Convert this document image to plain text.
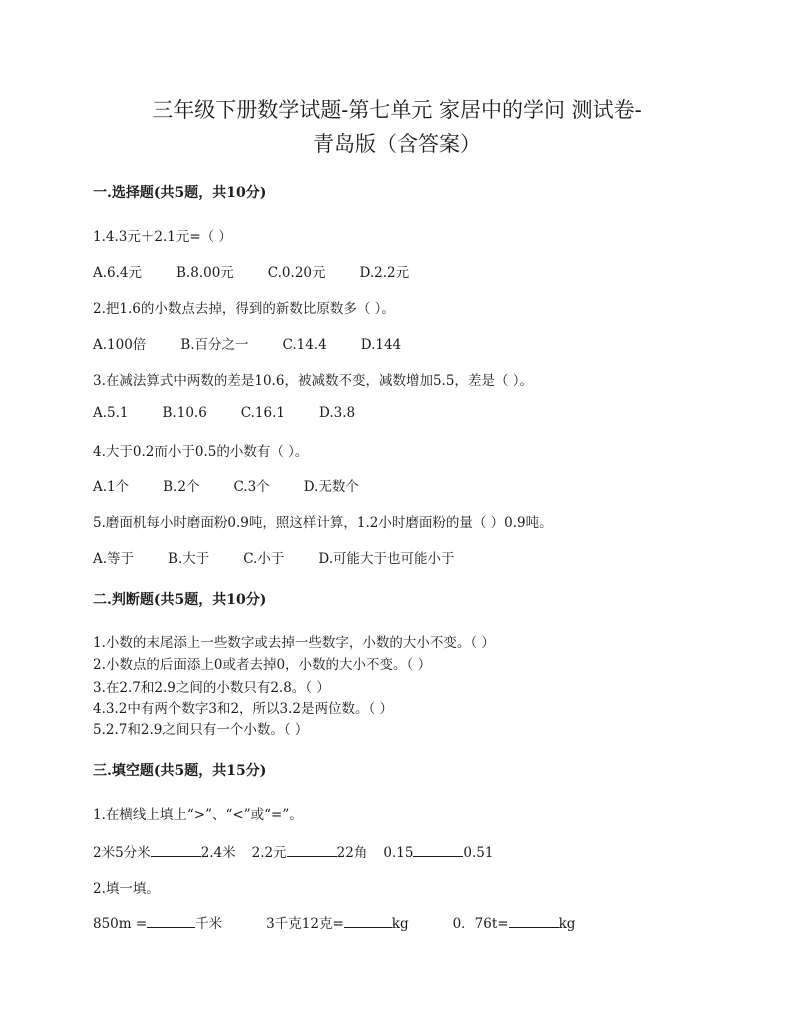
三年级下册数学试题-第七单元 家居中的学问 测试卷-
青岛版（含答案）
一.选择题(共5题，共10分)
1.4.3元＋2.1元=（ ）
A.6.4元	B.8.00元	C.0.20元	D.2.2元
2.把1.6的小数点去掉，得到的新数比原数多（ ）。
A.100倍	B.百分之一	C.14.4	D.144
3.在减法算式中两数的差是10.6，被减数不变，减数增加5.5，差是（ ）。
A.5.1	B.10.6	C.16.1	D.3.8
4.大于0.2而小于0.5的小数有（ ）。
A.1个	B.2个	C.3个	D.无数个
5.磨面机每小时磨面粉0.9吨，照这样计算，1.2小时磨面粉的量（ ）0.9吨。
A.等于	B.大于	C.小于	D.可能大于也可能小于
二.判断题(共5题，共10分)
1.小数的末尾添上一些数字或去掉一些数字，小数的大小不变。（ ）
2.小数点的后面添上0或者去掉0，小数的大小不变。（ ）
3.在2.7和2.9之间的小数只有2.8。（ ）
4.3.2中有两个数字3和2，所以3.2是两位数。（ ）
5.2.7和2.9之间只有一个小数。（ ）
三.填空题(共5题，共15分)
1.在横线上填上“>”、“<”或“=”。
2米5分米	2.4米 2.2元	22角 0.15	0.51
2.填一填。
850m =	千米	3千克12克=	kg	0．76t=	kg
